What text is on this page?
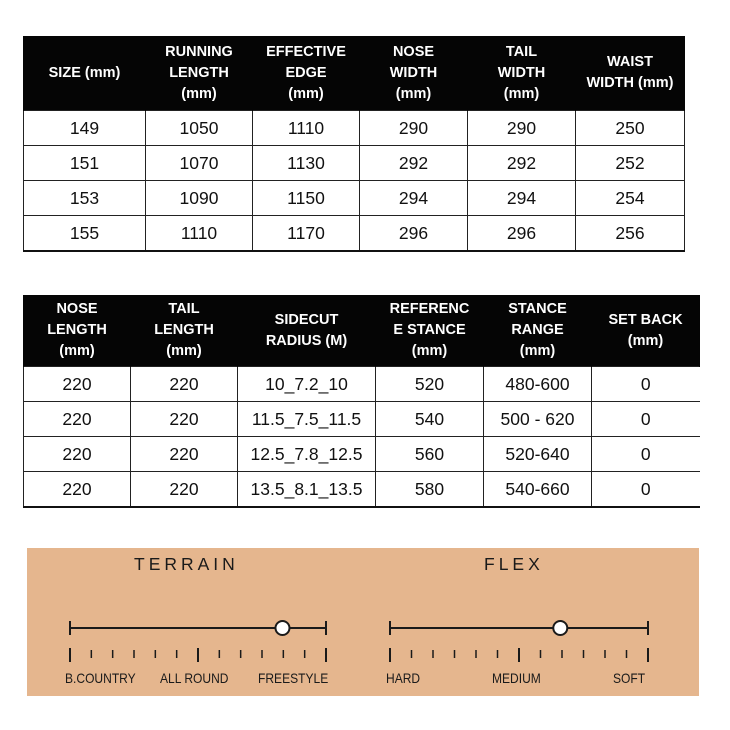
SIZE (mm)	RUNNING
LENGTH
(mm)	EFFECTIVE
EDGE
(mm)	NOSE
WIDTH
(mm)	TAIL
WIDTH
(mm)	WAIST
WIDTH (mm)
149	1050	1110	290	290	250
151	1070	1130	292	292	252
153	1090	1150	294	294	254
155	1110	1170	296	296	256
NOSE
LENGTH
(mm)	TAIL
LENGTH
(mm)	SIDECUT
RADIUS (M)	REFERENC
E STANCE
(mm)	STANCE
RANGE
(mm)	SET BACK
(mm)
220	220	10_7.2_10	520	480-600	0
220	220	11.5_7.5_11.5	540	500 - 620	0
220	220	12.5_7.8_12.5	560	520-640	0
220	220	13.5_8.1_13.5	580	540-660	0
TERRAIN	FLEX
B.COUNTRY ALL ROUND FREESTYLE	HARD	MEDIUM	SOFT
